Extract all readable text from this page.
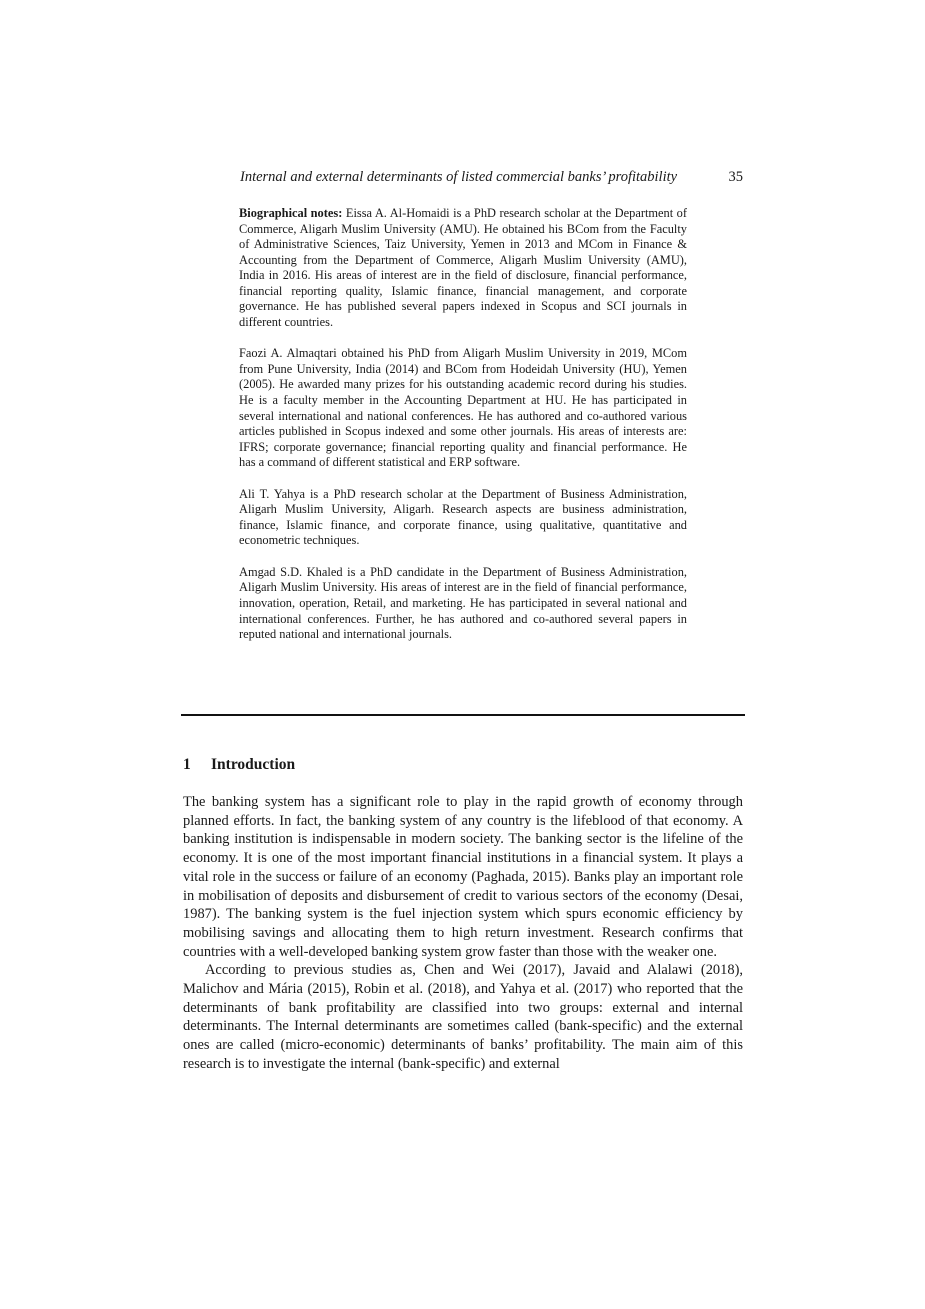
Internal and external determinants of listed commercial banks’ profitability	35

Biographical notes: Eissa A. Al-Homaidi is a PhD research scholar at the Department of Commerce, Aligarh Muslim University (AMU). He obtained his BCom from the Faculty of Administrative Sciences, Taiz University, Yemen in 2013 and MCom in Finance & Accounting from the Department of Commerce, Aligarh Muslim University (AMU), India in 2016. His areas of interest are in the field of disclosure, financial performance, financial reporting quality, Islamic finance, financial management, and corporate governance. He has published several papers indexed in Scopus and SCI journals in different countries.

Faozi A. Almaqtari obtained his PhD from Aligarh Muslim University in 2019, MCom from Pune University, India (2014) and BCom from Hodeidah University (HU), Yemen (2005). He awarded many prizes for his outstanding academic record during his studies. He is a faculty member in the Accounting Department at HU. He has participated in several international and national conferences. He has authored and co-authored various articles published in Scopus indexed and some other journals. His areas of interests are: IFRS; corporate governance; financial reporting quality and financial performance. He has a command of different statistical and ERP software.

Ali T. Yahya is a PhD research scholar at the Department of Business Administration, Aligarh Muslim University, Aligarh. Research aspects are business administration, finance, Islamic finance, and corporate finance, using qualitative, quantitative and econometric techniques.

Amgad S.D. Khaled is a PhD candidate in the Department of Business Administration, Aligarh Muslim University. His areas of interest are in the field of financial performance, innovation, operation, Retail, and marketing. He has participated in several national and international conferences. Further, he has authored and co-authored several papers in reputed national and international journals.

1 Introduction

The banking system has a significant role to play in the rapid growth of economy through planned efforts. In fact, the banking system of any country is the lifeblood of that economy. A banking institution is indispensable in modern society. The banking sector is the lifeline of the economy. It is one of the most important financial institutions in a financial system. It plays a vital role in the success or failure of an economy (Paghada, 2015). Banks play an important role in mobilisation of deposits and disbursement of credit to various sectors of the economy (Desai, 1987). The banking system is the fuel injection system which spurs economic efficiency by mobilising savings and allocating them to high return investment. Research confirms that countries with a well-developed banking system grow faster than those with the weaker one.

According to previous studies as, Chen and Wei (2017), Javaid and Alalawi (2018), Malichov and Mária (2015), Robin et al. (2018), and Yahya et al. (2017) who reported that the determinants of bank profitability are classified into two groups: external and internal determinants. The Internal determinants are sometimes called (bank-specific) and the external ones are called (micro-economic) determinants of banks’ profitability. The main aim of this research is to investigate the internal (bank-specific) and external
